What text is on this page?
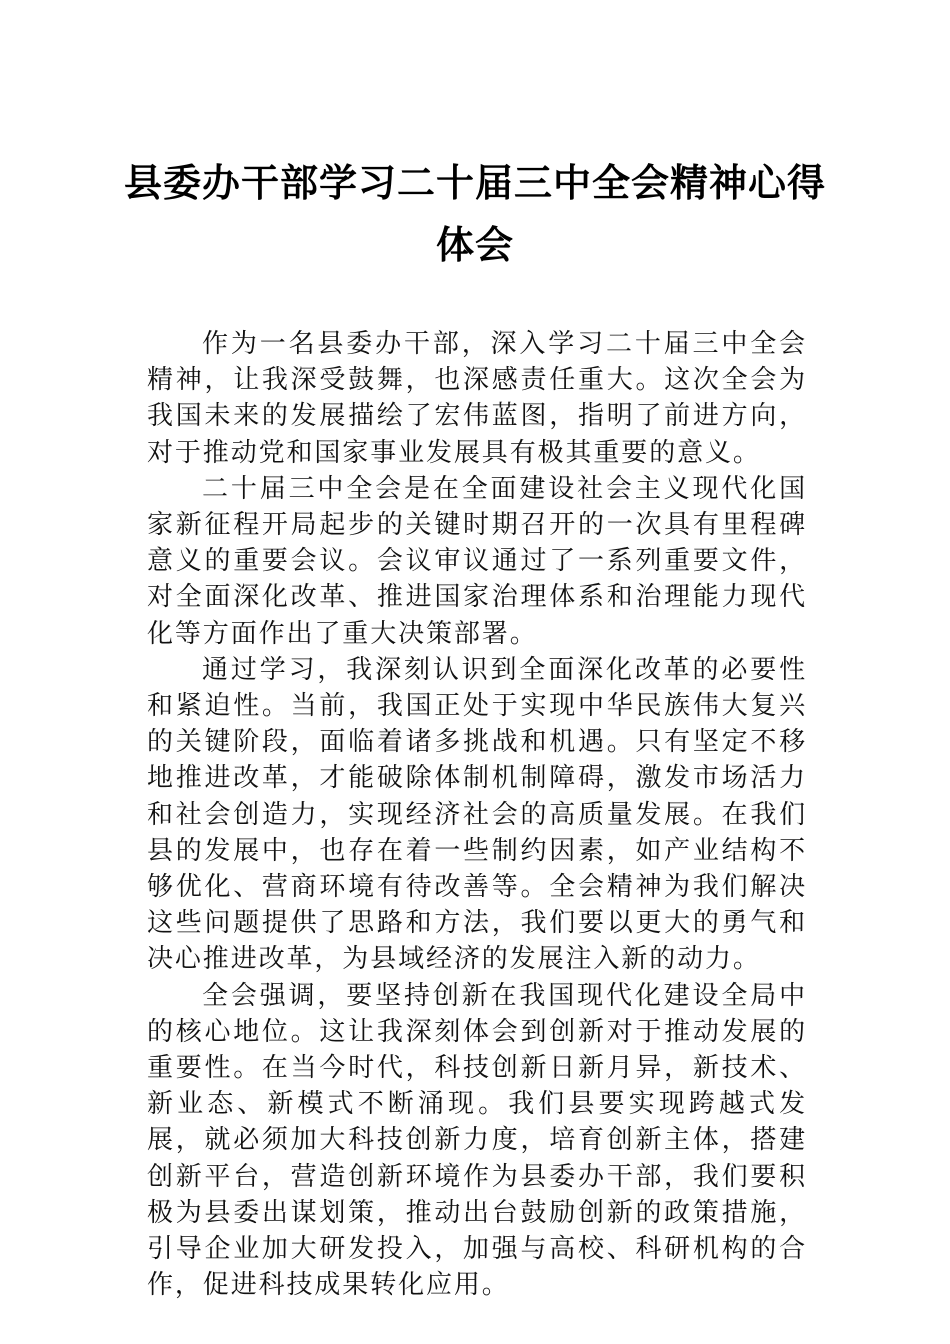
县委办干部学习二十届三中全会精神心得
体会

作为一名县委办干部，深入学习二十届三中全会精神，让我深受鼓舞，也深感责任重大。这次全会为我国未来的发展描绘了宏伟蓝图，指明了前进方向，对于推动党和国家事业发展具有极其重要的意义。

二十届三中全会是在全面建设社会主义现代化国家新征程开局起步的关键时期召开的一次具有里程碑意义的重要会议。会议审议通过了一系列重要文件，对全面深化改革、推进国家治理体系和治理能力现代化等方面作出了重大决策部署。

通过学习，我深刻认识到全面深化改革的必要性和紧迫性。当前，我国正处于实现中华民族伟大复兴的关键阶段，面临着诸多挑战和机遇。只有坚定不移地推进改革，才能破除体制机制障碍，激发市场活力和社会创造力，实现经济社会的高质量发展。在我们县的发展中，也存在着一些制约因素，如产业结构不够优化、营商环境有待改善等。全会精神为我们解决这些问题提供了思路和方法，我们要以更大的勇气和决心推进改革，为县域经济的发展注入新的动力。

全会强调，要坚持创新在我国现代化建设全局中的核心地位。这让我深刻体会到创新对于推动发展的重要性。在当今时代，科技创新日新月异，新技术、新业态、新模式不断涌现。我们县要实现跨越式发展，就必须加大科技创新力度，培育创新主体，搭建创新平台，营造创新环境作为县委办干部，我们要积极为县委出谋划策，推动出台鼓励创新的政策措施，引导企业加大研发投入，加强与高校、科研机构的合作，促进科技成果转化应用。
